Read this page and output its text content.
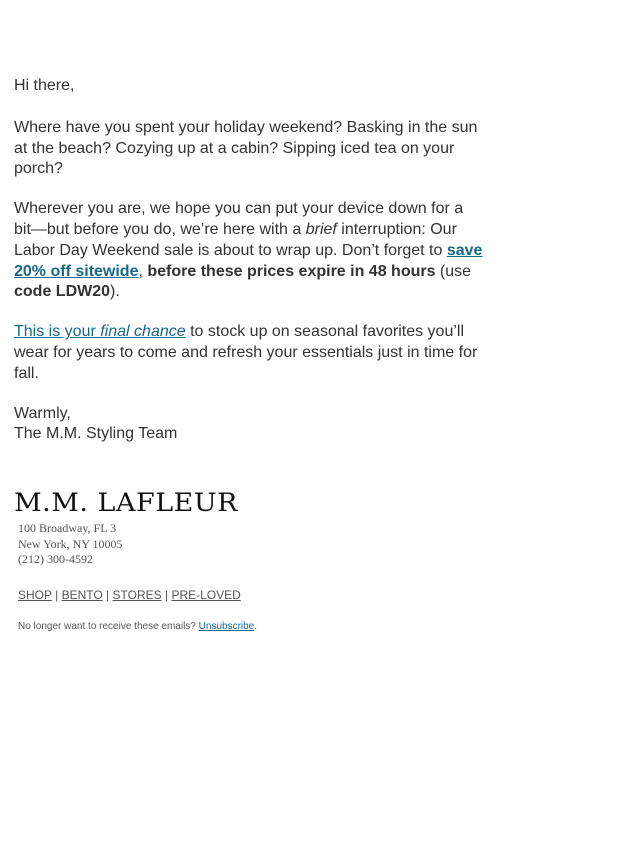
Hi there,

Where have you spent your holiday weekend? Basking in the sun at the beach? Cozying up at a cabin? Sipping iced tea on your porch?

Wherever you are, we hope you can put your device down for a bit—but before you do, we’re here with a brief interruption: Our Labor Day Weekend sale is about to wrap up. Don’t forget to save 20% off sitewide, before these prices expire in 48 hours (use code LDW20).

This is your final chance to stock up on seasonal favorites you’ll wear for years to come and refresh your essentials just in time for fall.

Warmly,

The M.M. Styling Team

M.M. LAFLEUR
100 Broadway, FL 3
New York, NY 10005
(212) 300-4592
SHOP | BENTO | STORES | PRE-LOVED
No longer want to receive these emails? Unsubscribe.
